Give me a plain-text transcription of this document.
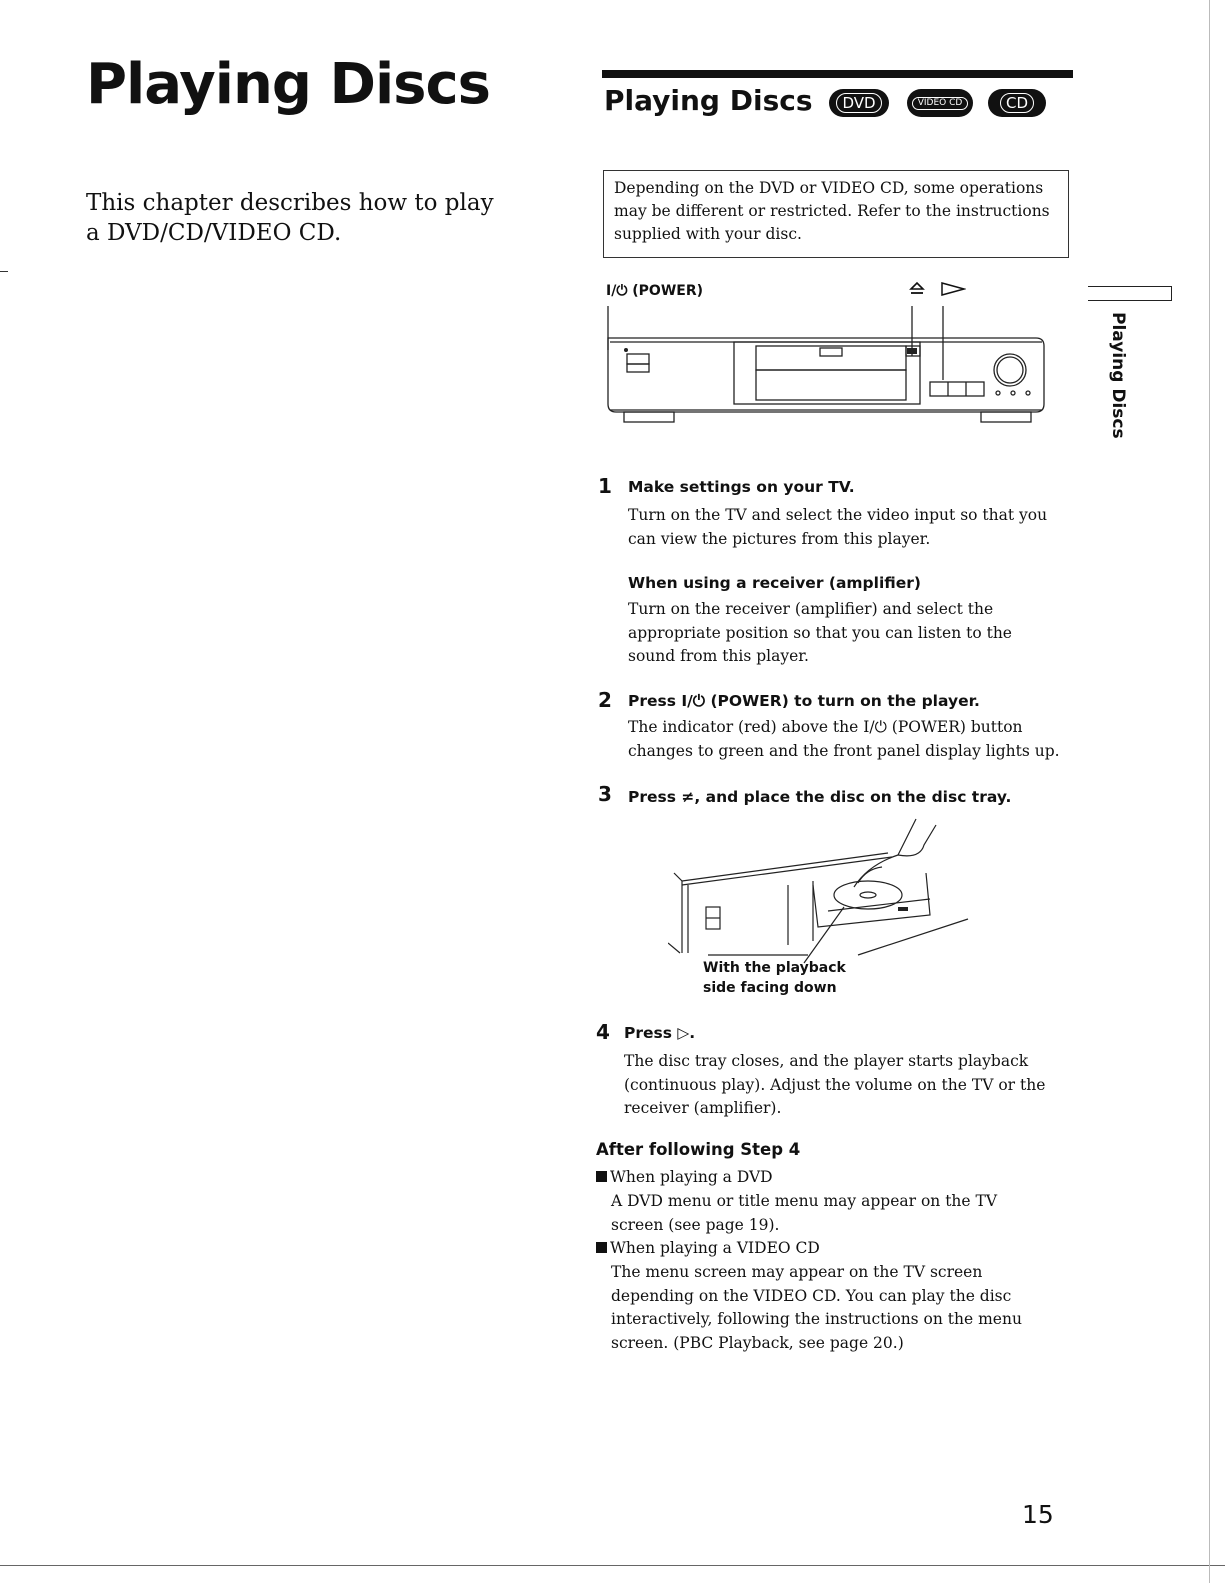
Playing Discs
This chapter describes how to play a DVD/CD/VIDEO CD.
Playing Discs	DVD	VIDEO CD	CD
Depending on the DVD or VIDEO CD, some operations may be different or restricted. Refer to the instructions supplied with your disc.
I/⏻ (POWER)
1 Make settings on your TV.
Turn on the TV and select the video input so that you can view the pictures from this player.
When using a receiver (amplifier)
Turn on the receiver (amplifier) and select the appropriate position so that you can listen to the sound from this player.
2 Press I/⏻ (POWER) to turn on the player.
The indicator (red) above the I/⏻ (POWER) button changes to green and the front panel display lights up.
3 Press ≠, and place the disc on the disc tray.
With the playback
side facing down
4 Press ▷.
The disc tray closes, and the player starts playback (continuous play). Adjust the volume on the TV or the receiver (amplifier).
After following Step 4
When playing a DVD
A DVD menu or title menu may appear on the TV screen (see page 19).
When playing a VIDEO CD
The menu screen may appear on the TV screen depending on the VIDEO CD. You can play the disc interactively, following the instructions on the menu screen. (PBC Playback, see page 20.)
Playing Discs
15
